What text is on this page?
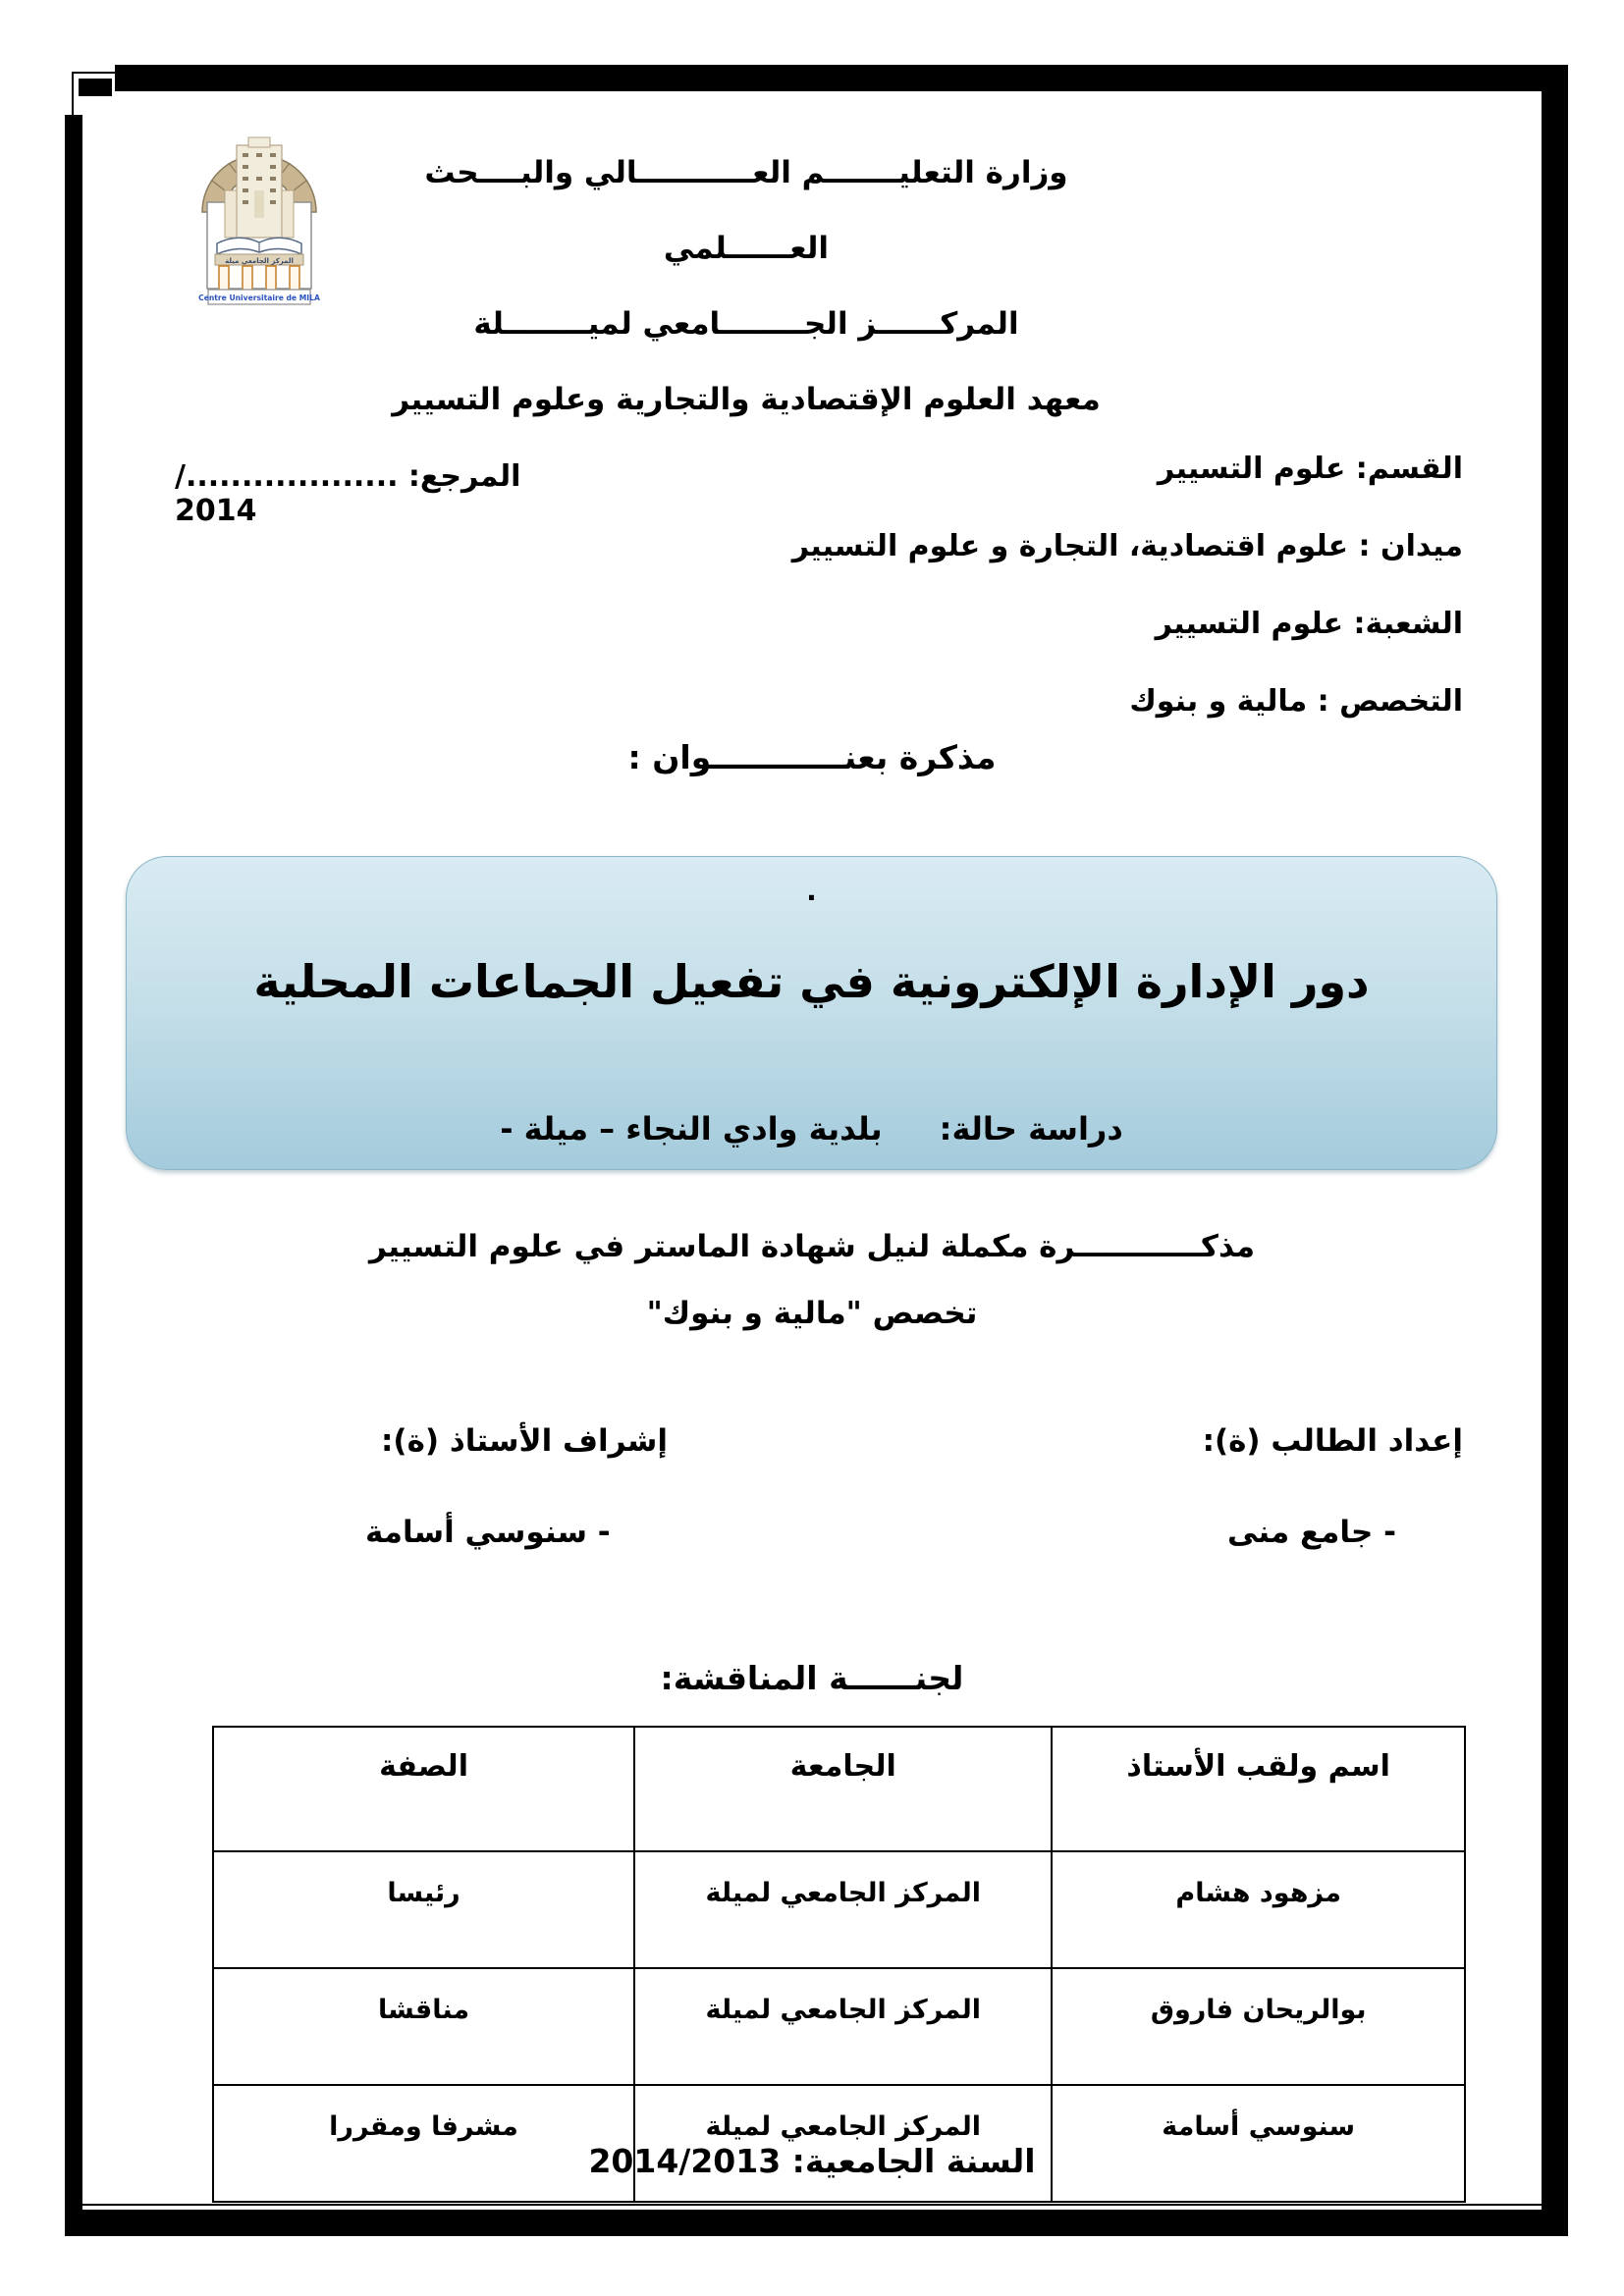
المركز الجامعي ميلة
Centre Universitaire de MILA
وزارة التعليـــــــم العـــــــــــالي والبــــحث العــــــلمي
المركــــــز الجــــــــامعي لميــــــــلة
معهد العلوم الإقتصادية والتجارية وعلوم التسيير
القسم: علوم التسيير
ميدان : علوم اقتصادية، التجارة و علوم التسيير
الشعبة: علوم التسيير
التخصص : مالية و بنوك
المرجع: .................../ 2014
مذكرة بعنــــــــــــوان :
.
دور الإدارة الإلكترونية في تفعيل الجماعات المحلية
دراسة حالة:
بلدية وادي النجاء – ميلة -
مذكــــــــــــرة مكملة لنيل شهادة الماستر في علوم التسيير
تخصص "مالية و بنوك"
إعداد الطالب (ة):
إشراف الأستاذ (ة):
- جامع منى
- سنوسي أسامة
لجنــــــة المناقشة:
اسم ولقب الأستاذ	الجامعة	الصفة
مزهود هشام	المركز الجامعي لميلة	رئيسا
بوالريحان فاروق	المركز الجامعي لميلة	مناقشا
سنوسي أسامة	المركز الجامعي لميلة	مشرفا ومقررا
السنة الجامعية: 2014/2013
